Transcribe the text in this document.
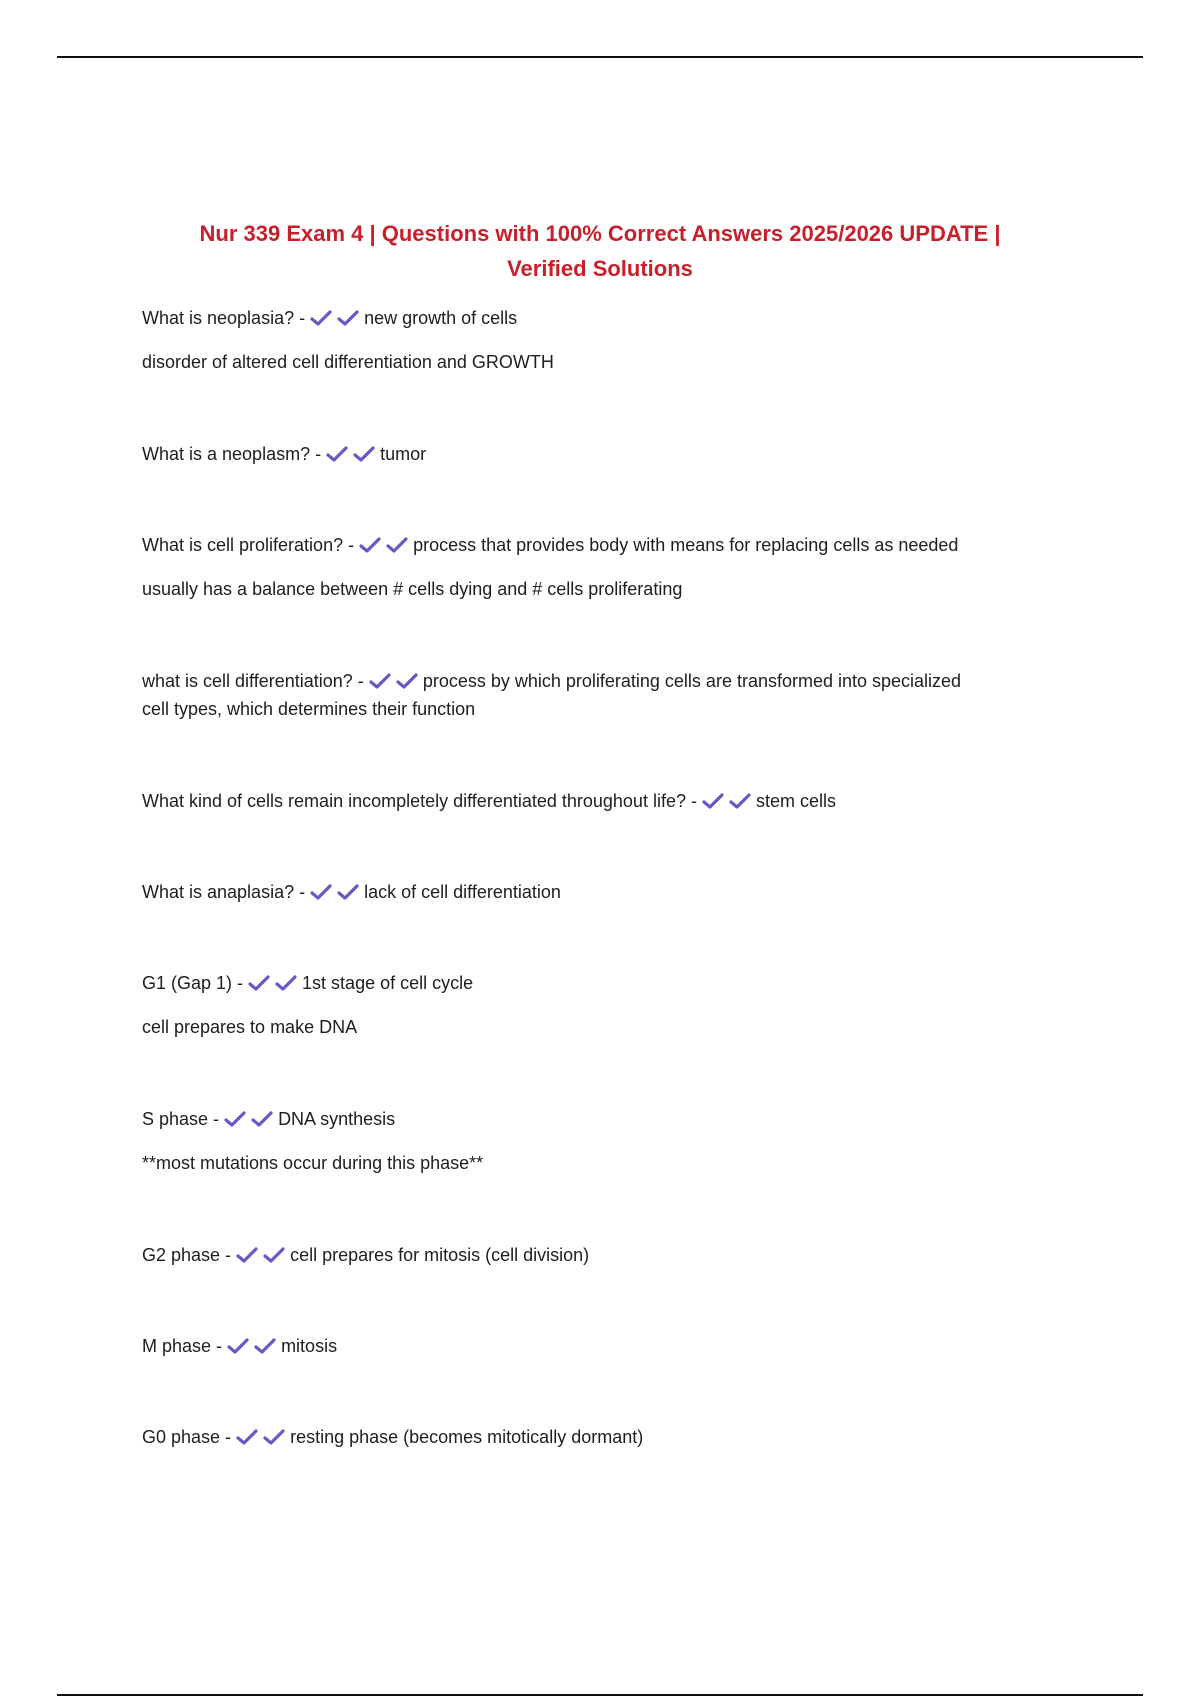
Nur 339 Exam 4 | Questions with 100% Correct Answers 2025/2026 UPDATE |
Verified Solutions
What is neoplasia? -	new growth of cells
disorder of altered cell differentiation and GROWTH
What is a neoplasm? -	tumor
What is cell proliferation? -	process that provides body with means for replacing cells as needed
usually has a balance between # cells dying and # cells proliferating
what is cell differentiation? -	process by which proliferating cells are transformed into specialized
cell types, which determines their function
What kind of cells remain incompletely differentiated throughout life? -	stem cells
What is anaplasia? -	lack of cell differentiation
G1 (Gap 1) -	1st stage of cell cycle
cell prepares to make DNA
S phase -	DNA synthesis
**most mutations occur during this phase**
G2 phase -	cell prepares for mitosis (cell division)
M phase -	mitosis
G0 phase -	resting phase (becomes mitotically dormant)
